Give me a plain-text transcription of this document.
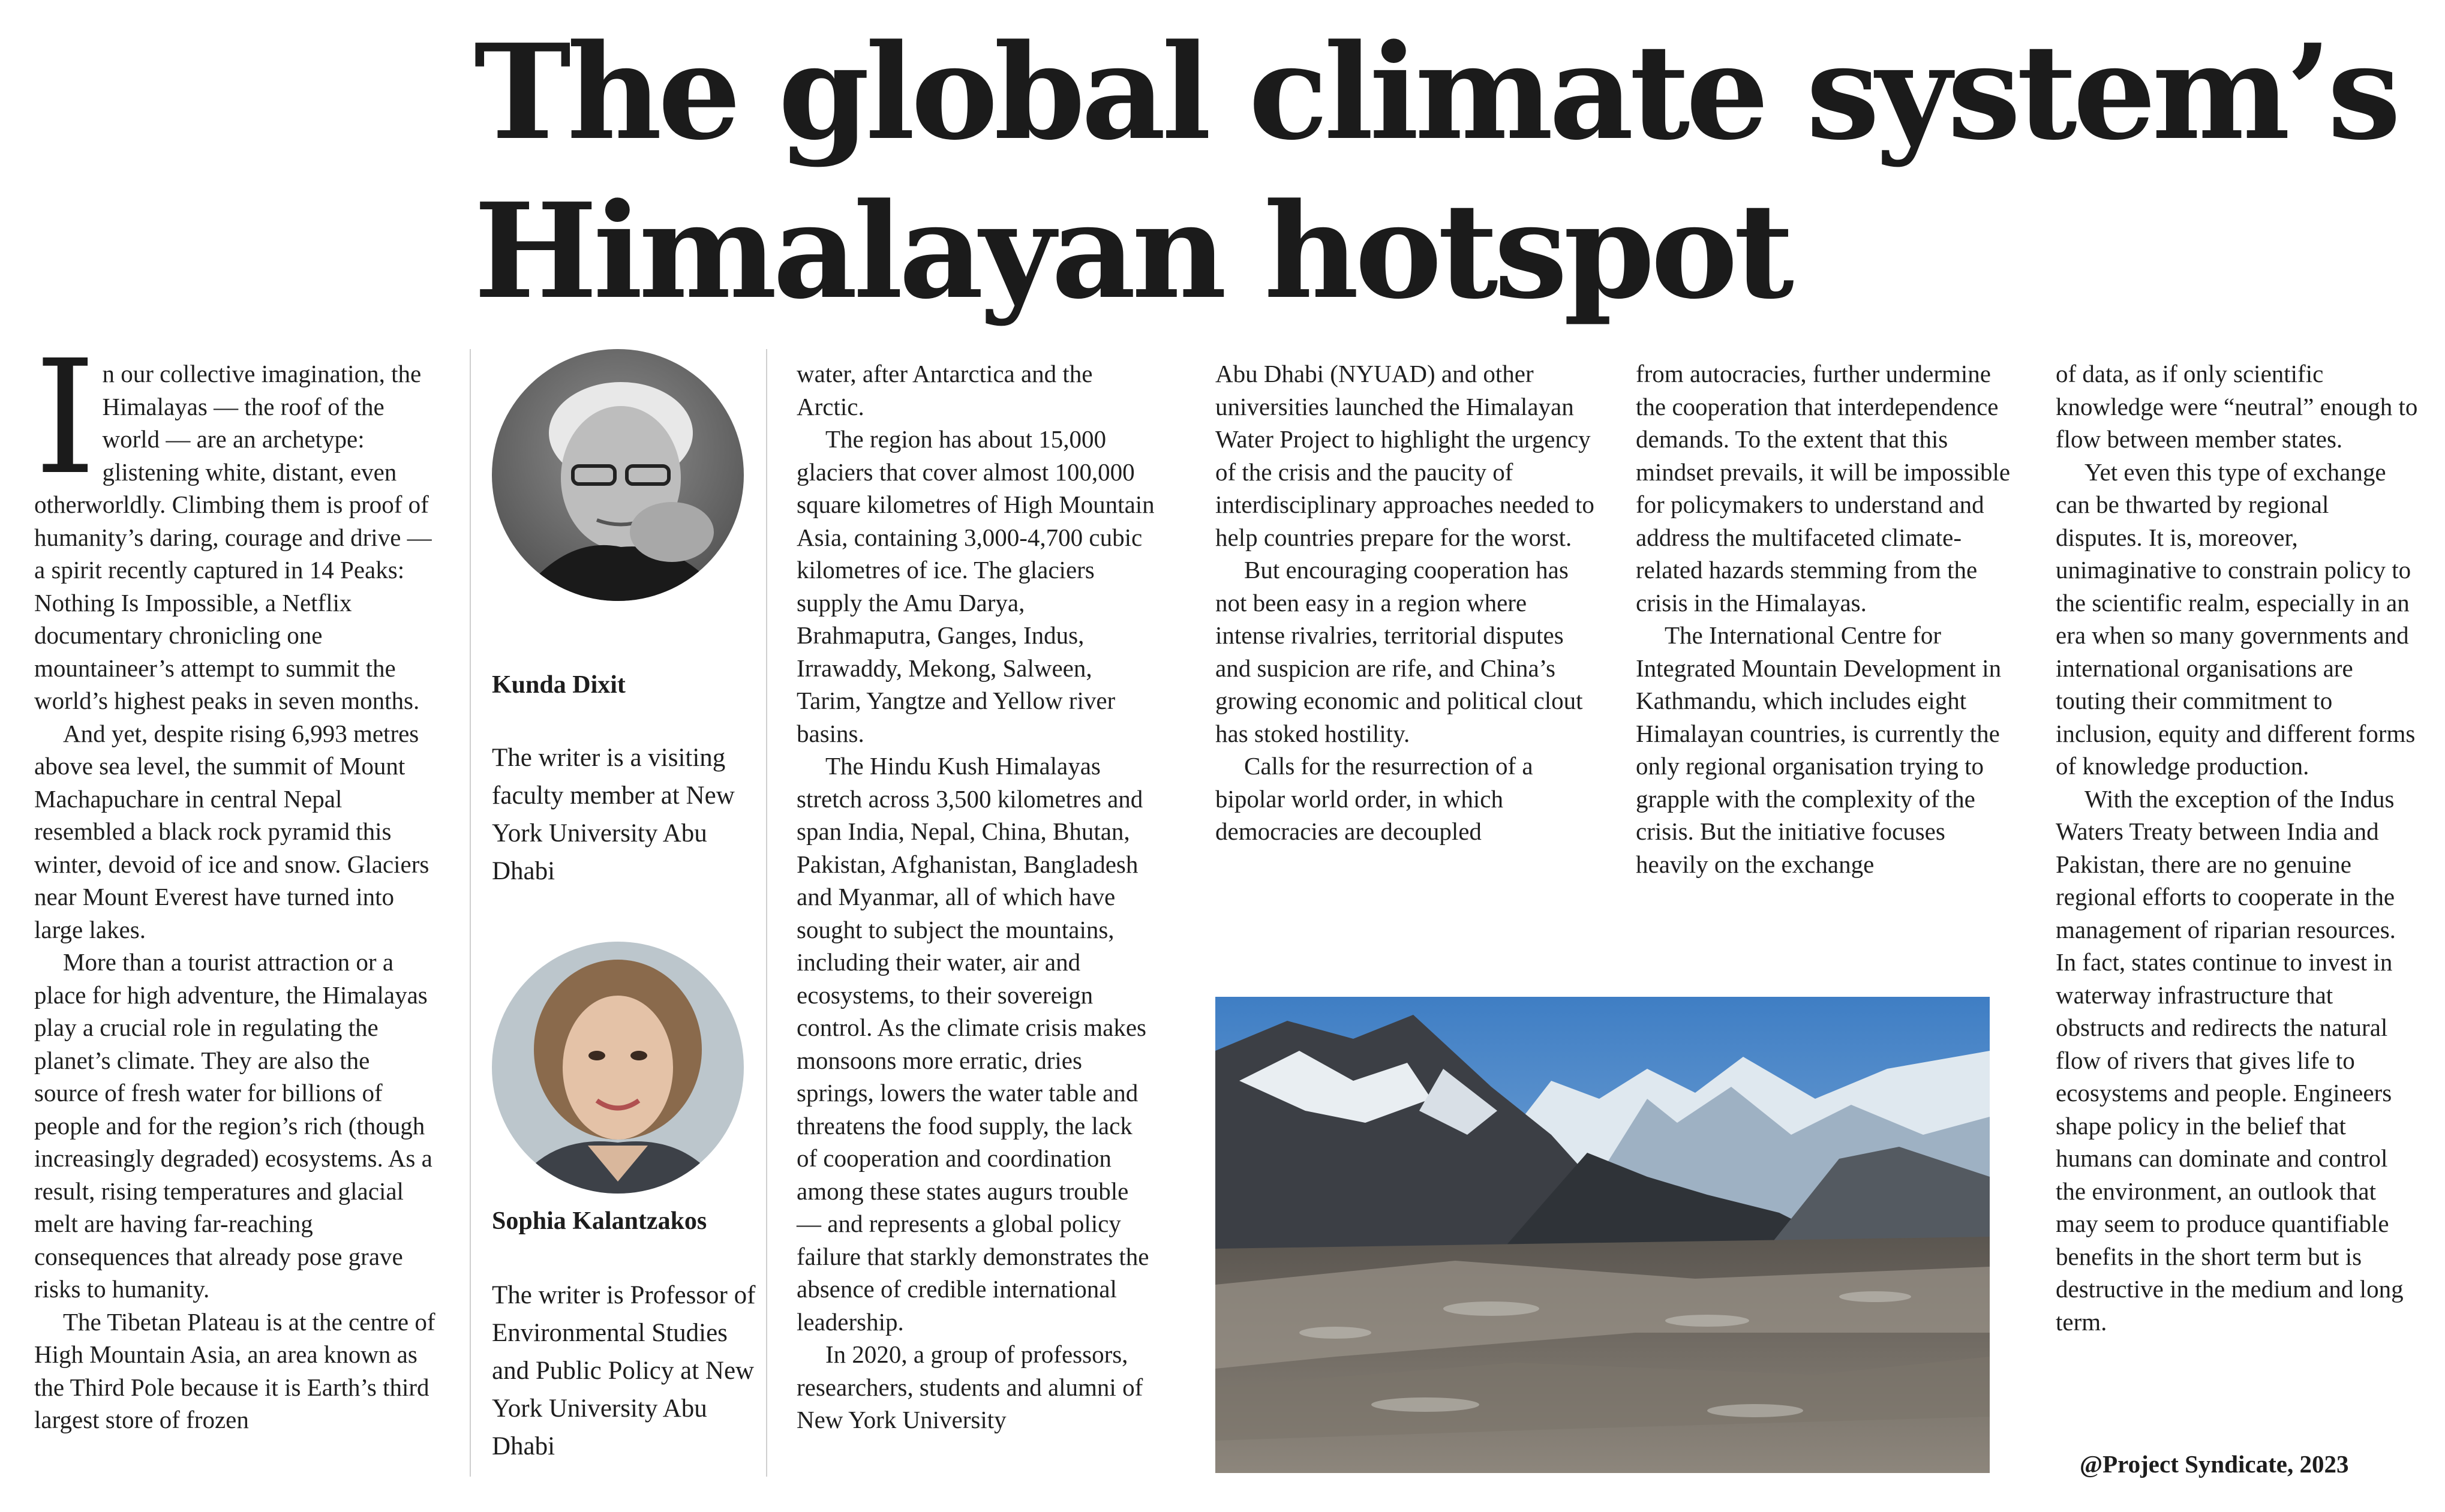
The global climate system’s
Himalayan hotspot
I n our collective imagination, the Himalayas — the roof of the world — are an archetype: glistening white, distant, even otherworldly. Climbing them is proof of humanity’s daring, courage and drive — a spirit recently captured in 14 Peaks: Nothing Is Impossible, a Netflix documentary chronicling one mountaineer’s attempt to summit the world’s highest peaks in seven months.

And yet, despite rising 6,993 metres above sea level, the summit of Mount Machapuchare in central Nepal resembled a black rock pyramid this winter, devoid of ice and snow. Glaciers near Mount Everest have turned into large lakes.

More than a tourist attraction or a place for high adventure, the Himalayas play a crucial role in regulating the planet’s climate. They are also the source of fresh water for billions of people and for the region’s rich (though increasingly degraded) ecosystems. As a result, rising temperatures and glacial melt are having far-reaching consequences that already pose grave risks to humanity.

The Tibetan Plateau is at the centre of High Mountain Asia, an area known as the Third Pole because it is Earth’s third largest store of frozen

Kunda Dixit
The writer is a visiting faculty member at New York University Abu Dhabi
Sophia Kalantzakos
The writer is Professor of Environmental Studies and Public Policy at New York University Abu Dhabi

water, after Antarctica and the Arctic.

The region has about 15,000 glaciers that cover almost 100,000 square kilometres of High Mountain Asia, containing 3,000-4,700 cubic kilometres of ice. The glaciers supply the Amu Darya, Brahmaputra, Ganges, Indus, Irrawaddy, Mekong, Salween, Tarim, Yangtze and Yellow river basins.

The Hindu Kush Himalayas stretch across 3,500 kilometres and span India, Nepal, China, Bhutan, Pakistan, Afghanistan, Bangladesh and Myanmar, all of which have sought to subject the mountains, including their water, air and ecosystems, to their sovereign control. As the climate crisis makes monsoons more erratic, dries springs, lowers the water table and threatens the food supply, the lack of cooperation and coordination among these states augurs trouble — and represents a global policy failure that starkly demonstrates the absence of credible international leadership.

In 2020, a group of professors, researchers, students and alumni of New York University

Abu Dhabi (NYUAD) and other universities launched the Himalayan Water Project to highlight the urgency of the crisis and the paucity of interdisciplinary approaches needed to help countries prepare for the worst.

But encouraging cooperation has not been easy in a region where intense rivalries, territorial disputes and suspicion are rife, and China’s growing economic and political clout has stoked hostility.

Calls for the resurrection of a bipolar world order, in which democracies are decoupled

from autocracies, further undermine the cooperation that interdependence demands. To the extent that this mindset prevails, it will be impossible for policymakers to understand and address the multifaceted climate-related hazards stemming from the crisis in the Himalayas.

The International Centre for Integrated Mountain Development in Kathmandu, which includes eight Himalayan countries, is currently the only regional organisation trying to grapple with the complexity of the crisis. But the initiative focuses heavily on the exchange

of data, as if only scientific knowledge were “neutral” enough to flow between member states.

Yet even this type of exchange can be thwarted by regional disputes. It is, moreover, unimaginative to constrain policy to the scientific realm, especially in an era when so many governments and international organisations are touting their commitment to inclusion, equity and different forms of knowledge production.

With the exception of the Indus Waters Treaty between India and Pakistan, there are no genuine regional efforts to cooperate in the management of riparian resources. In fact, states continue to invest in waterway infrastructure that obstructs and redirects the natural flow of rivers that gives life to ecosystems and people. Engineers shape policy in the belief that humans can dominate and control the environment, an outlook that may seem to produce quantifiable benefits in the short term but is destructive in the medium and long term.

@Project Syndicate, 2023
